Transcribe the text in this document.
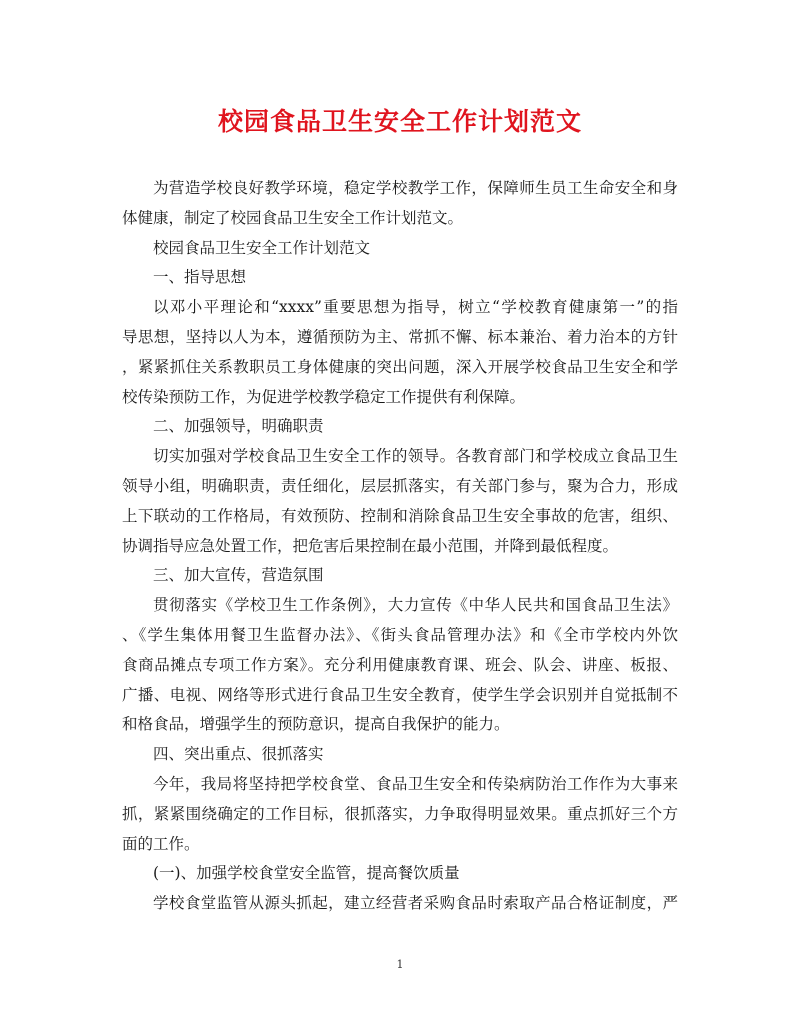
校园食品卫生安全工作计划范文
为营造学校良好教学环境，稳定学校教学工作，保障师生员工生命安全和身
体健康，制定了校园食品卫生安全工作计划范文。
校园食品卫生安全工作计划范文
一、指导思想
以邓小平理论和“xxxx”重要思想为指导，树立“学校教育健康第一”的指
导思想，坚持以人为本，遵循预防为主、常抓不懈、标本兼治、着力治本的方针
，紧紧抓住关系教职员工身体健康的突出问题，深入开展学校食品卫生安全和学
校传染预防工作，为促进学校教学稳定工作提供有利保障。
二、加强领导，明确职责
切实加强对学校食品卫生安全工作的领导。各教育部门和学校成立食品卫生
领导小组，明确职责，责任细化，层层抓落实，有关部门参与，聚为合力，形成
上下联动的工作格局，有效预防、控制和消除食品卫生安全事故的危害，组织、
协调指导应急处置工作，把危害后果控制在最小范围，并降到最低程度。
三、加大宣传，营造氛围
贯彻落实《学校卫生工作条例》，大力宣传《中华人民共和国食品卫生法》
、《学生集体用餐卫生监督办法》、《街头食品管理办法》和《全市学校内外饮
食商品摊点专项工作方案》。充分利用健康教育课、班会、队会、讲座、板报、
广播、电视、网络等形式进行食品卫生安全教育，使学生学会识别并自觉抵制不
和格食品，增强学生的预防意识，提高自我保护的能力。
四、突出重点、很抓落实
今年，我局将坚持把学校食堂、食品卫生安全和传染病防治工作作为大事来
抓，紧紧围绕确定的工作目标，很抓落实，力争取得明显效果。重点抓好三个方
面的工作。
(一)、加强学校食堂安全监管，提高餐饮质量
学校食堂监管从源头抓起，建立经营者采购食品时索取产品合格证制度，严
1
